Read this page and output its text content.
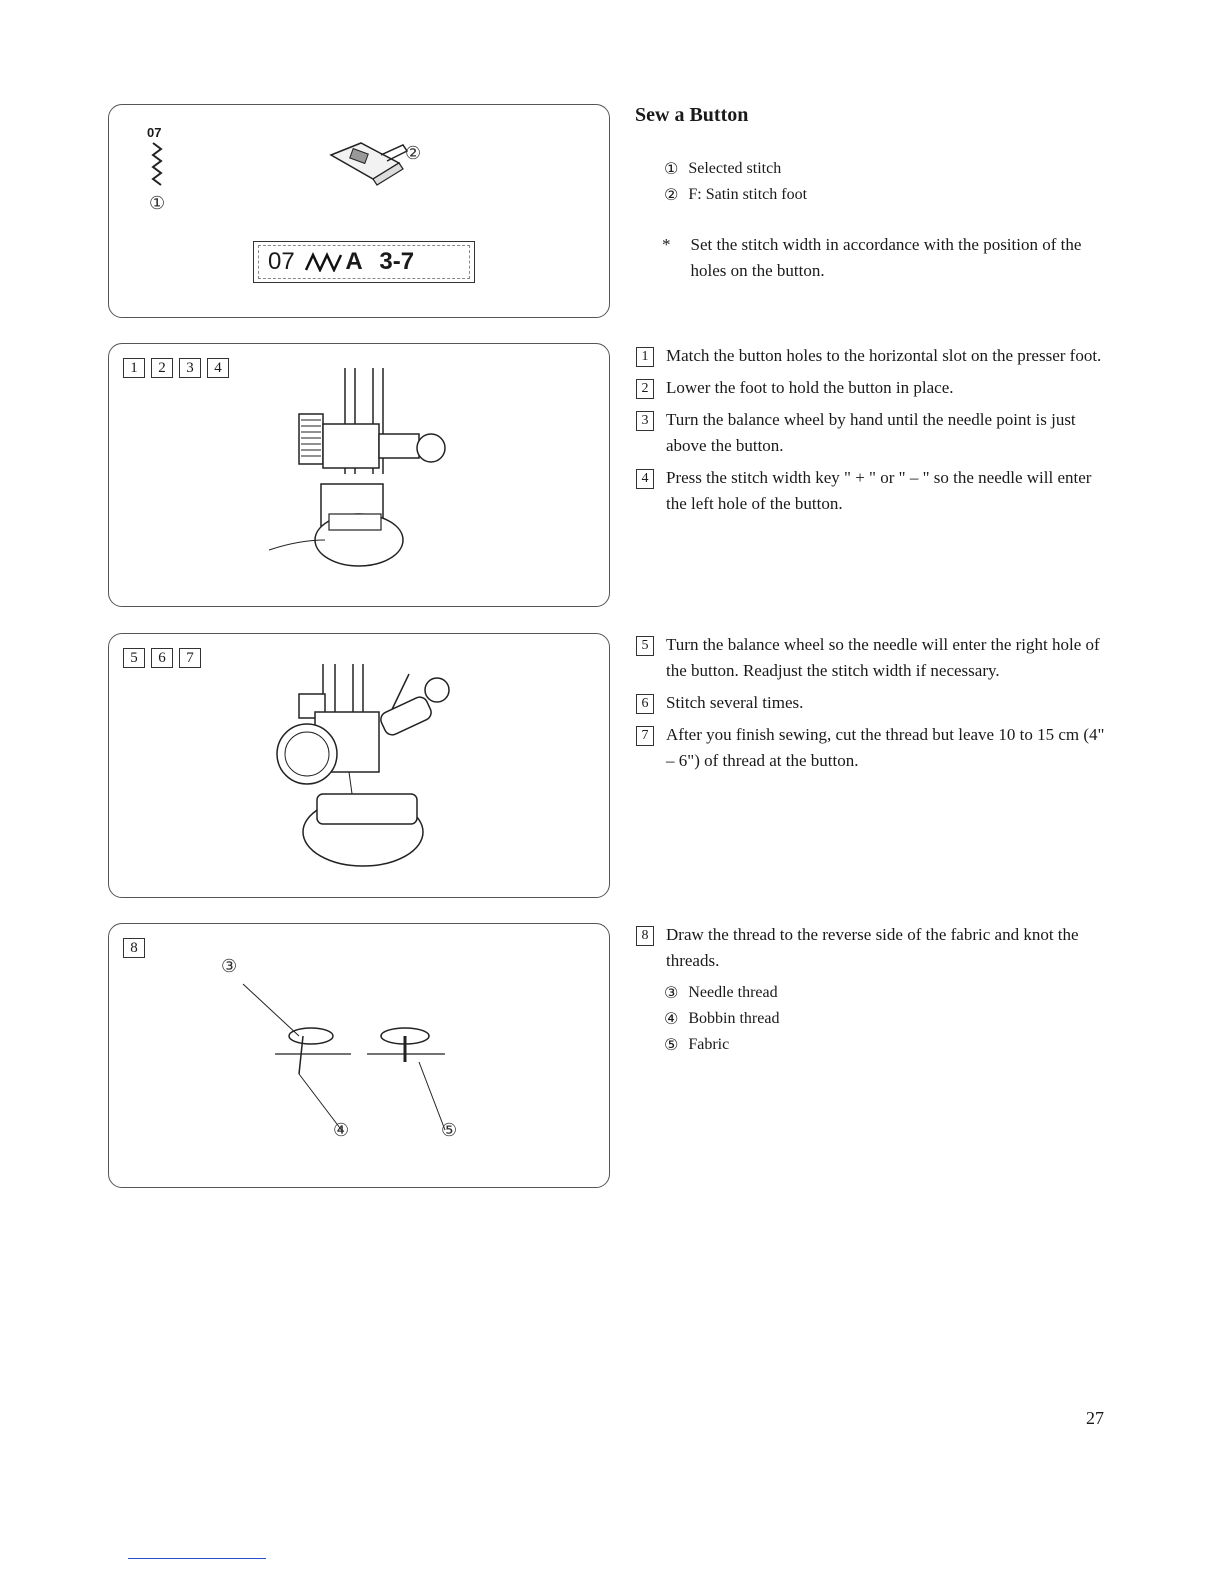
07
①
②
07 A 3-7
1	2	3	4
5	6	7
8
③
④	⑤
Sew a Button
① Selected stitch
② F: Satin stitch foot
* Set the stitch width in accordance with the position of the holes on the button.
1	Match the button holes to the horizontal slot on the presser foot.
2	Lower the foot to hold the button in place.
3	Turn the balance wheel by hand until the needle point is just above the button.
4	Press the stitch width key " + " or " – " so the needle will enter the left hole of the button.
5	Turn the balance wheel so the needle will enter the right hole of the button. Readjust the stitch width if necessary.
6	Stitch several times.
7	After you finish sewing, cut the thread but leave 10 to 15 cm (4" – 6") of thread at the button.
8	Draw the thread to the reverse side of the fabric and knot the threads.
③ Needle thread
④ Bobbin thread
⑤ Fabric
27
